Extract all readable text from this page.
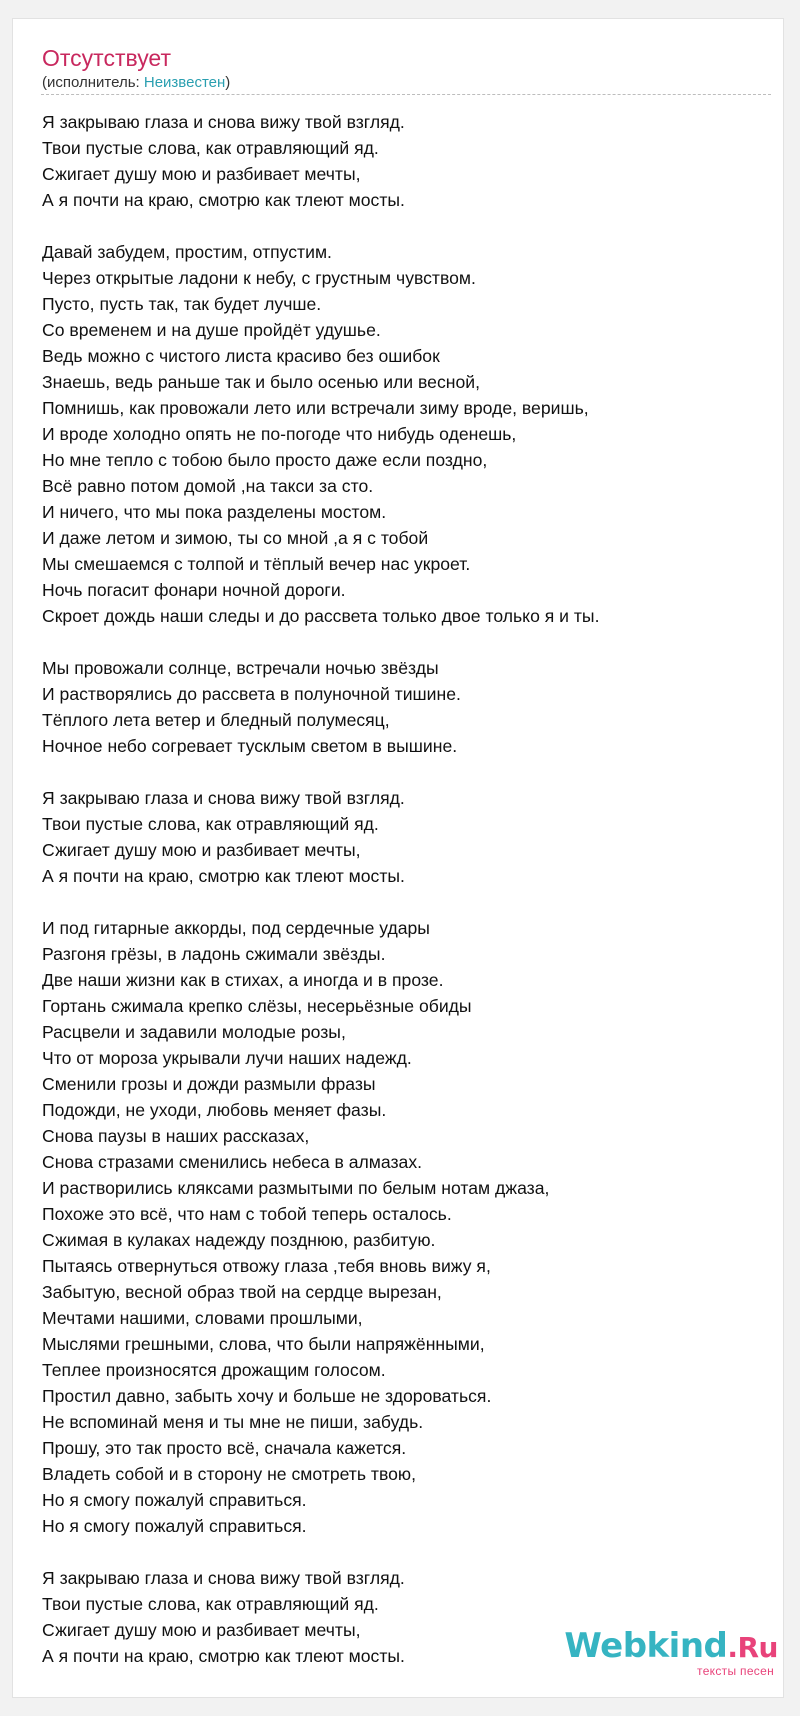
Отсутствует
(исполнитель: Неизвестен)
Я закрываю глаза и снова вижу твой взгляд.
Твои пустые слова, как отравляющий яд.
Сжигает душу мою и разбивает мечты,
А я почти на краю, смотрю как тлеют мосты.
Давай забудем, простим, отпустим.
Через открытые ладони к небу, с грустным чувством.
Пусто, пусть так, так будет лучше.
Со временем и на душе пройдёт удушье.
Ведь можно с чистого листа красиво без ошибок
Знаешь, ведь раньше так и было осенью или весной,
Помнишь, как провожали лето или встречали зиму вроде, веришь,
И вроде холодно опять не по-погоде что нибудь оденешь,
Но мне тепло с тобою было просто даже если поздно,
Всё равно потом домой ,на такси за сто.
И ничего, что мы пока разделены мостом.
И даже летом и зимою, ты со мной ,а я с тобой
Мы смешаемся с толпой и тёплый вечер нас укроет.
Ночь погасит фонари ночной дороги.
Скроет дождь наши следы и до рассвета только двое только я и ты.
Мы провожали солнце, встречали ночью звёзды
И растворялись до рассвета в полуночной тишине.
Тёплого лета ветер и бледный полумесяц,
Ночное небо согревает тусклым светом в вышине.
Я закрываю глаза и снова вижу твой взгляд.
Твои пустые слова, как отравляющий яд.
Сжигает душу мою и разбивает мечты,
А я почти на краю, смотрю как тлеют мосты.
И под гитарные аккорды, под сердечные удары
Разгоня грёзы, в ладонь сжимали звёзды.
Две наши жизни как в стихах, а иногда и в прозе.
Гортань сжимала крепко слёзы, несерьёзные обиды
Расцвели и задавили молодые розы,
Что от мороза укрывали лучи наших надежд.
Сменили грозы и дожди размыли фразы
Подожди, не уходи, любовь меняет фазы.
Снова паузы в наших рассказах,
Снова стразами сменились небеса в алмазах.
И растворились кляксами размытыми по белым нотам джаза,
Похоже это всё, что нам с тобой теперь осталось.
Сжимая в кулаках надежду позднюю, разбитую.
Пытаясь отвернуться отвожу глаза ,тебя вновь вижу я,
Забытую, весной образ твой на сердце вырезан,
Мечтами нашими, словами прошлыми,
Мыслями грешными, слова, что были напряжёнными,
Теплее произносятся дрожащим голосом.
Простил давно, забыть хочу и больше не здороваться.
Не вспоминай меня и ты мне не пиши, забудь.
Прошу, это так просто всё, сначала кажется.
Владеть собой и в сторону не смотреть твою,
Но я смогу пожалуй справиться.
Но я смогу пожалуй справиться.
Я закрываю глаза и снова вижу твой взгляд.
Твои пустые слова, как отравляющий яд.
Сжигает душу мою и разбивает мечты,
А я почти на краю, смотрю как тлеют мосты.	Webkind.Ru
тексты песен
